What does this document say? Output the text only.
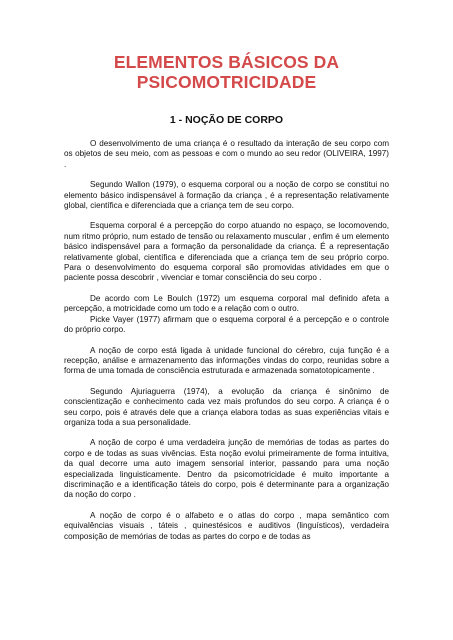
ELEMENTOS BÁSICOS DA
PSICOMOTRICIDADE
1 - NOÇÃO DE CORPO

O desenvolvimento de uma criança é o resultado da interação de seu corpo com os objetos de seu meio, com as pessoas e com o mundo ao seu redor (OLIVEIRA, 1997) .

Segundo Wallon (1979), o esquema corporal ou a noção de corpo se constitui no elemento básico indispensável à formação da criança , é a representação relativamente global, científica e diferenciada que a criança tem de seu corpo.

Esquema corporal é a percepção do corpo atuando no espaço, se locomovendo, num ritmo próprio, num estado de tensão ou relaxamento muscular , enfim é um elemento básico indispensável para a formação da personalidade da criança. É a representação relativamente global, científica e diferenciada que a criança tem de seu próprio corpo. Para o desenvolvimento do esquema corporal são promovidas atividades em que o paciente possa descobrir , vivenciar e tomar consciência do seu corpo .

De acordo com Le Boulch (1972) um esquema corporal mal definido afeta a percepção, a motricidade como um todo e a relação com o outro.

Picke Vayer (1977) afirmam que o esquema corporal é a percepção e o controle do próprio corpo.

A noção de corpo está ligada à unidade funcional do cérebro, cuja função é a recepção, análise e armazenamento das informações vindas do corpo, reunidas sobre a forma de uma tomada de consciência estruturada e armazenada somatotopicamente .

Segundo Ajuriaguerra (1974), a evolução da criança é sinônimo de conscientização e conhecimento cada vez mais profundos do seu corpo. A criança é o seu corpo, pois é através dele que a criança elabora todas as suas experiências vitais e organiza toda a sua personalidade.

A noção de corpo é uma verdadeira junção de memórias de todas as partes do corpo e de todas as suas vivências. Esta noção evolui primeiramente de forma intuitiva, da qual decorre uma auto imagem sensorial interior, passando para uma noção especializada linguisticamente. Dentro da psicomotricidade é muito importante a discriminação e a identificação táteis do corpo, pois é determinante para a organização da noção do corpo .

A noção de corpo é o alfabeto e o atlas do corpo , mapa semântico com equivalências visuais , táteis , quinestésicos e auditivos (linguísticos), verdadeira composição de memórias de todas as partes do corpo e de todas as
